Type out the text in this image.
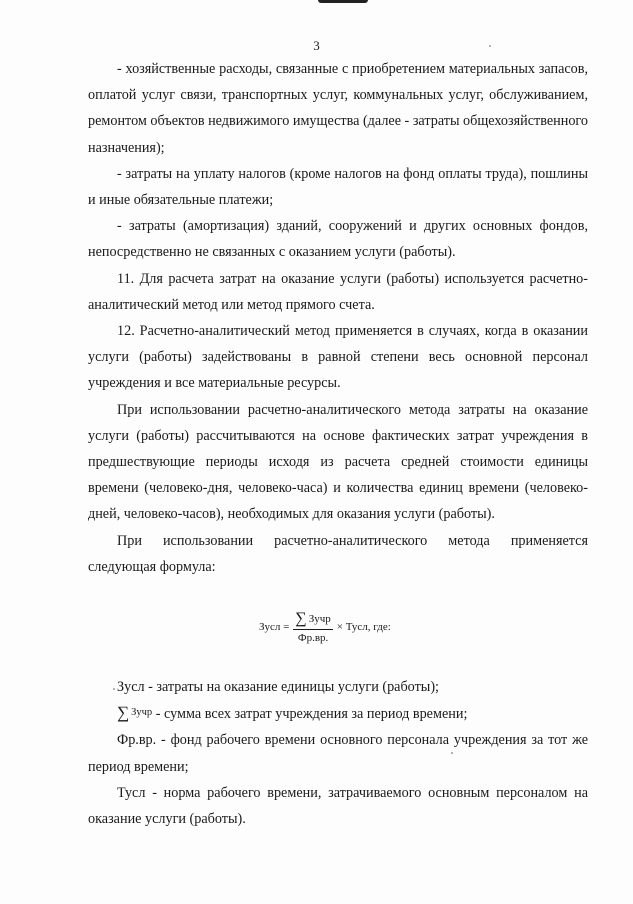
3

- хозяйственные расходы, связанные с приобретением материальных запасов, оплатой услуг связи, транспортных услуг, коммунальных услуг, обслуживанием, ремонтом объектов недвижимого имущества (далее - затраты общехозяйственного назначения);

- затраты на уплату налогов (кроме налогов на фонд оплаты труда), пошлины и иные обязательные платежи;

- затраты (амортизация) зданий, сооружений и других основных фондов, непосредственно не связанных с оказанием услуги (работы).

11. Для расчета затрат на оказание услуги (работы) используется расчетно-аналитический метод или метод прямого счета.

12. Расчетно-аналитический метод применяется в случаях, когда в оказании услуги (работы) задействованы в равной степени весь основной персонал учреждения и все материальные ресурсы.

При использовании расчетно-аналитического метода затраты на оказание услуги (работы) рассчитываются на основе фактических затрат учреждения в предшествующие периоды исходя из расчета средней стоимости единицы времени (человеко-дня, человеко-часа) и количества единиц времени (человеко-дней, человеко-часов), необходимых для оказания услуги (работы).

При использовании расчетно-аналитического метода применяется следующая формула:

Зусл = $\frac{\text{∑ Зучр}}{Фр.вр.}$ × Тусл, где:

Зусл - затраты на оказание единицы услуги (работы);

∑ $^{Зучр}$ - сумма всех затрат учреждения за период времени;

Фр.вр. - фонд рабочего времени основного персонала учреждения за тот же период времени;

Тусл - норма рабочего времени, затрачиваемого основным персоналом на оказание услуги (работы).
